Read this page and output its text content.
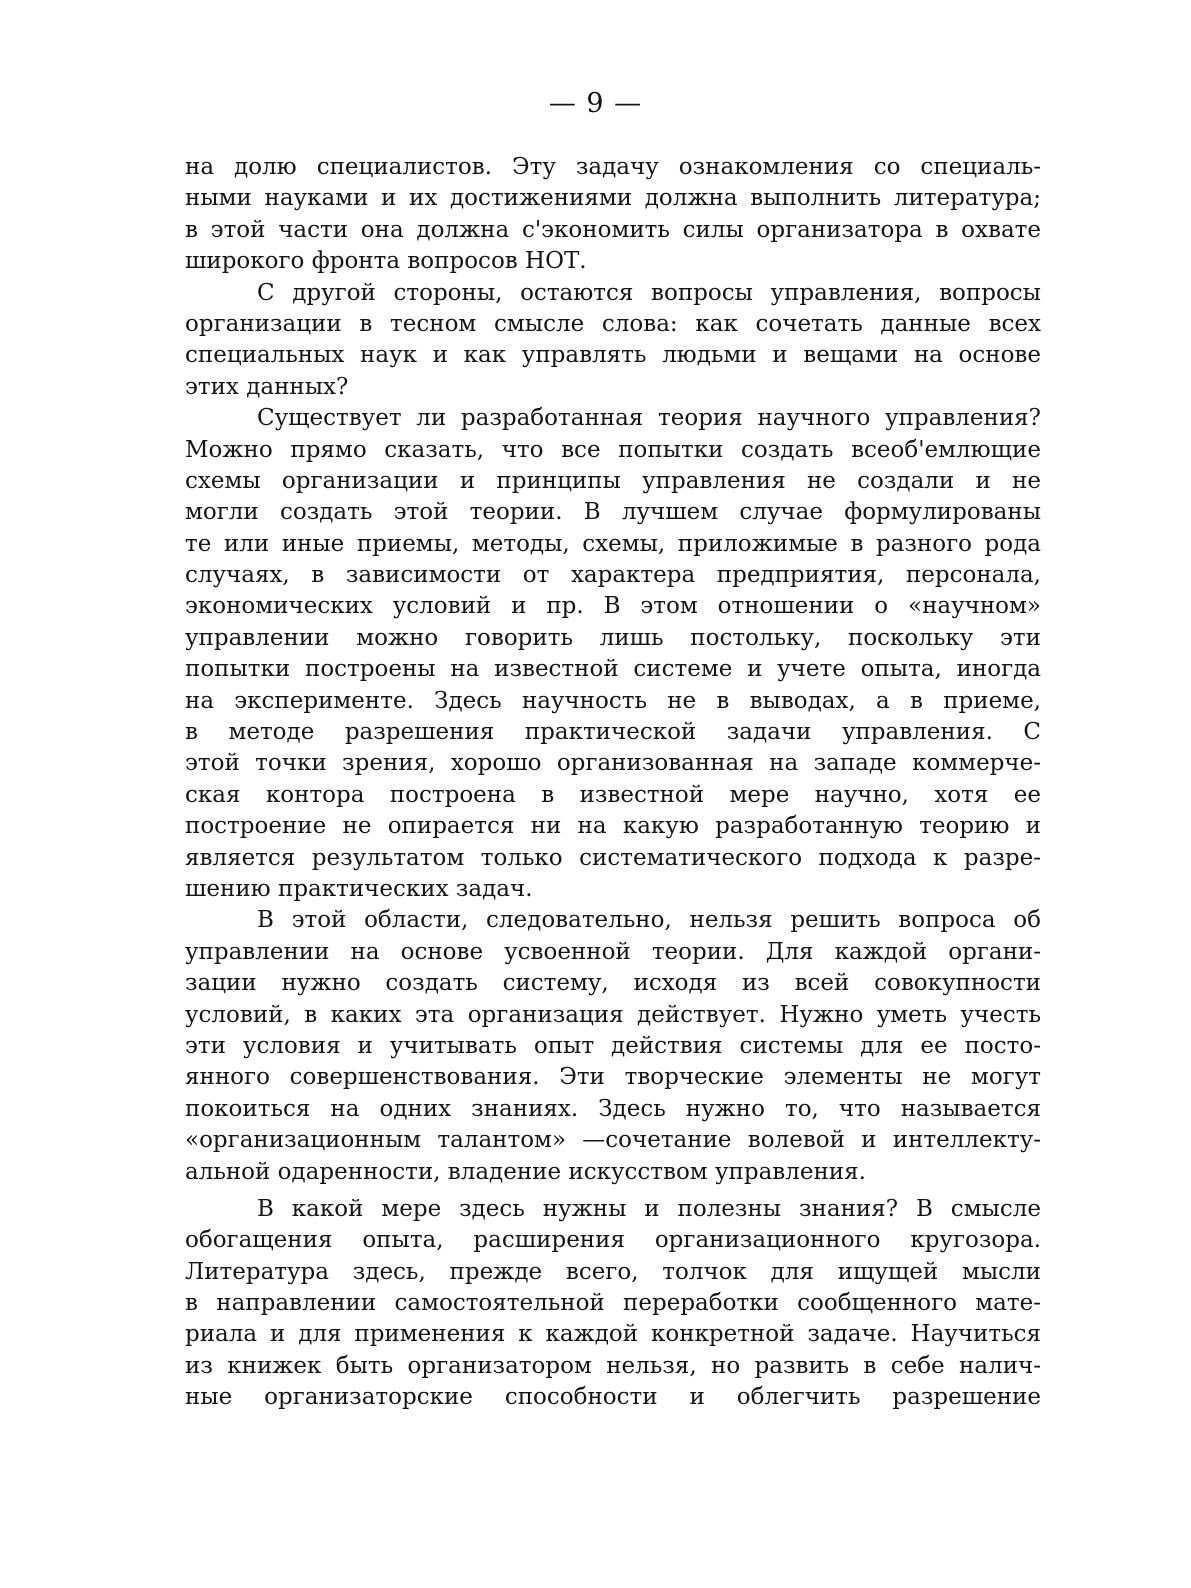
— 9 —
на долю специалистов. Эту задачу ознакомления со специаль-
ными науками и их достижениями должна выполнить литература;
в этой части она должна с'экономить силы организатора в охвате
широкого фронта вопросов НОТ.
С другой стороны, остаются вопросы управления, вопросы
организации в тесном смысле слова: как сочетать данные всех
специальных наук и как управлять людьми и вещами на основе
этих данных?
Существует ли разработанная теория научного управления?
Можно прямо сказать, что все попытки создать всеоб'емлющие
схемы организации и принципы управления не создали и не
могли создать этой теории. В лучшем случае формулированы
те или иные приемы, методы, схемы, приложимые в разного рода
случаях, в зависимости от характера предприятия, персонала,
экономических условий и пр. В этом отношении о «научном»
управлении можно говорить лишь постольку, поскольку эти
попытки построены на известной системе и учете опыта, иногда
на эксперименте. Здесь научность не в выводах, а в приеме,
в методе разрешения практической задачи управления. С
этой точки зрения, хорошо организованная на западе коммерче-
ская контора построена в известной мере научно, хотя ее
построение не опирается ни на какую разработанную теорию и
является результатом только систематического подхода к разре-
шению практических задач.
В этой области, следовательно, нельзя решить вопроса об
управлении на основе усвоенной теории. Для каждой органи-
зации нужно создать систему, исходя из всей совокупности
условий, в каких эта организация действует. Нужно уметь учесть
эти условия и учитывать опыт действия системы для ее посто-
янного совершенствования. Эти творческие элементы не могут
покоиться на одних знаниях. Здесь нужно то, что называется
«организационным талантом» —сочетание волевой и интеллекту-
альной одаренности, владение искусством управления.
В какой мере здесь нужны и полезны знания? В смысле
обогащения опыта, расширения организационного кругозора.
Литература здесь, прежде всего, толчок для ищущей мысли
в направлении самостоятельной переработки сообщенного мате-
риала и для применения к каждой конкретной задаче. Научиться
из книжек быть организатором нельзя, но развить в себе налич-
ные организаторские способности и облегчить разрешение
